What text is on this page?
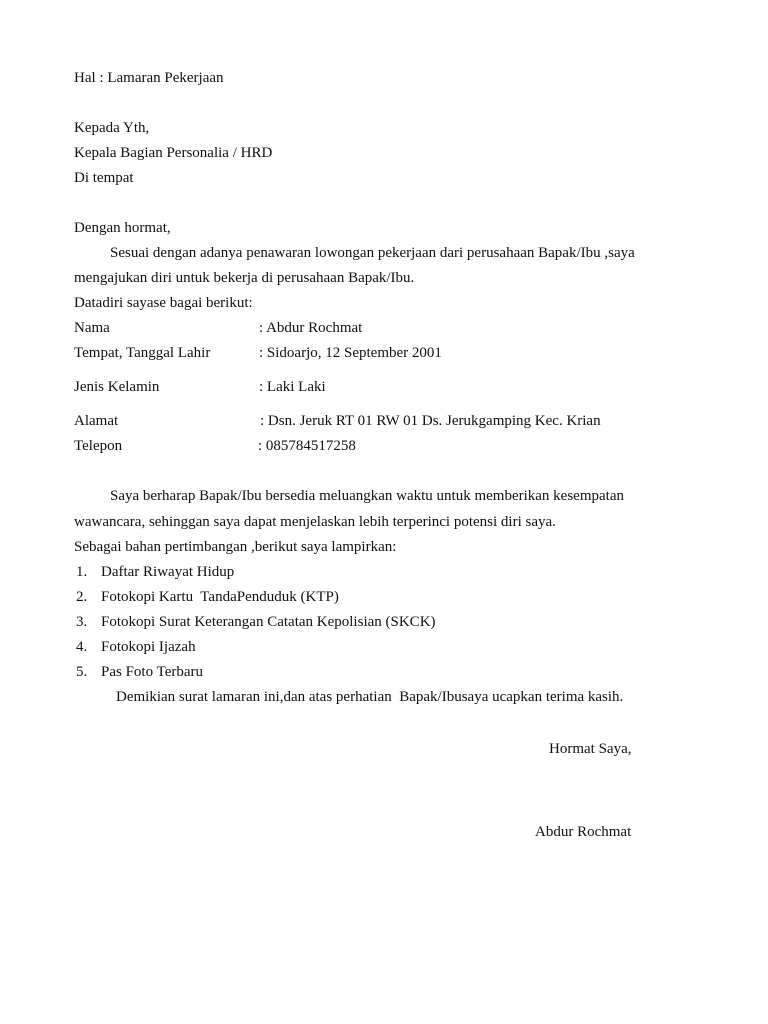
Hal : Lamaran Pekerjaan
Kepada Yth,
Kepala Bagian Personalia / HRD
Di tempat
Dengan hormat,
Sesuai dengan adanya penawaran lowongan pekerjaan dari perusahaan Bapak/Ibu ,saya
mengajukan diri untuk bekerja di perusahaan Bapak/Ibu.
Datadiri sayase bagai berikut:
Nama	: Abdur Rochmat
Tempat, Tanggal Lahir	: Sidoarjo, 12 September 2001
Jenis Kelamin	: Laki Laki
Alamat	: Dsn. Jeruk RT 01 RW 01 Ds. Jerukgamping Kec. Krian
Telepon	: 085784517258
Saya berharap Bapak/Ibu bersedia meluangkan waktu untuk memberikan kesempatan
wawancara, sehinggan saya dapat menjelaskan lebih terperinci potensi diri saya.
Sebagai bahan pertimbangan ,berikut saya lampirkan:
1. Daftar Riwayat Hidup
2. Fotokopi Kartu  TandaPenduduk (KTP)
3. Fotokopi Surat Keterangan Catatan Kepolisian (SKCK)
4. Fotokopi Ijazah
5. Pas Foto Terbaru
Demikian surat lamaran ini,dan atas perhatian  Bapak/Ibusaya ucapkan terima kasih.
Hormat Saya,
Abdur Rochmat
